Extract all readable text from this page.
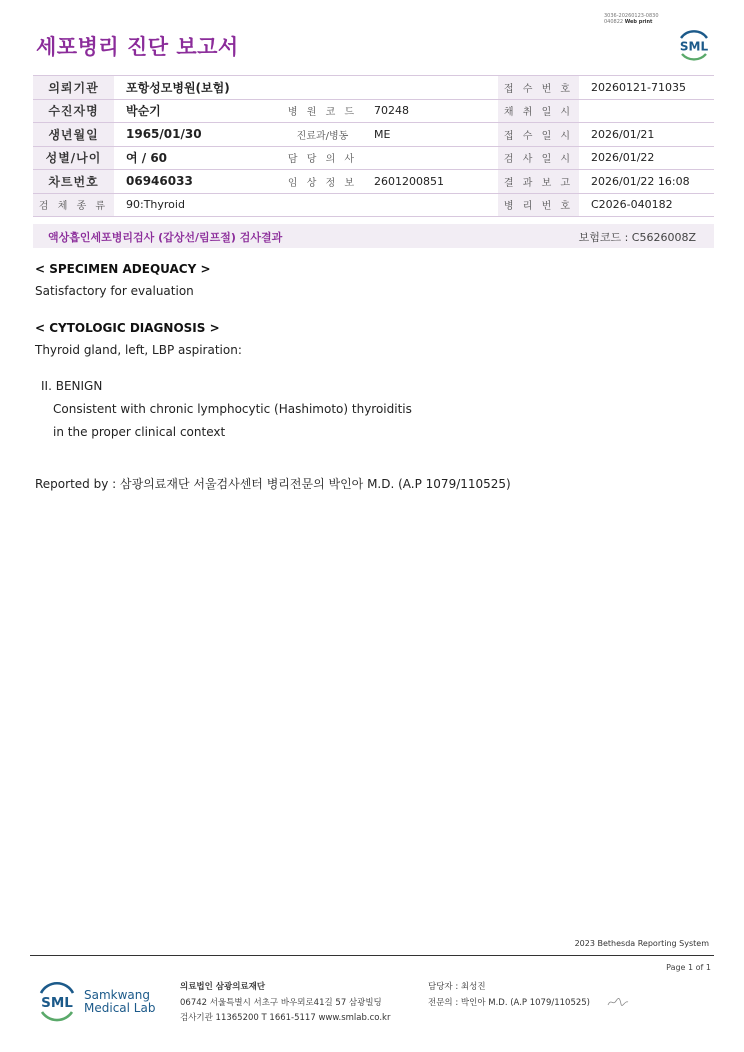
3036-20260123-0830
040822 Web print
세포병리 진단 보고서	SML
의뢰기관	포항성모병원(보험)			접 수 번 호	20260121-71035
수진자명	박순기	병 원 코 드	70248	채 취 일 시	
생년월일	1965/01/30	진료과/병동	ME	접 수 일 시	2026/01/21
성별/나이	여 / 60	담 당 의 사		검 사 일 시	2026/01/22
차트번호	06946033	임 상 정 보	2601200851	결 과 보 고	2026/01/22 16:08
검 체 종 류	90:Thyroid			병 리 번 호	C2026-040182
액상흡인세포병리검사 (갑상선/림프절) 검사결과	보험코드 : C5626008Z
< SPECIMEN ADEQUACY >
Satisfactory for evaluation
< CYTOLOGIC DIAGNOSIS >
Thyroid gland, left, LBP aspiration:
II. BENIGN
Consistent with chronic lymphocytic (Hashimoto) thyroiditis
in the proper clinical context
Reported by : 삼광의료재단 서울검사센터 병리전문의 박인아 M.D. (A.P 1079/110525)
2023 Bethesda Reporting System
Page 1 of 1
SML Samkwang
Medical Lab
의료법인 삼광의료재단
06742 서울특별시 서초구 바우뫼로41길 57 삼광빌딩
검사기관 11365200 T 1661-5117 www.smlab.co.kr
담당자 : 최성진
전문의 : 박인아 M.D. (A.P 1079/110525)
